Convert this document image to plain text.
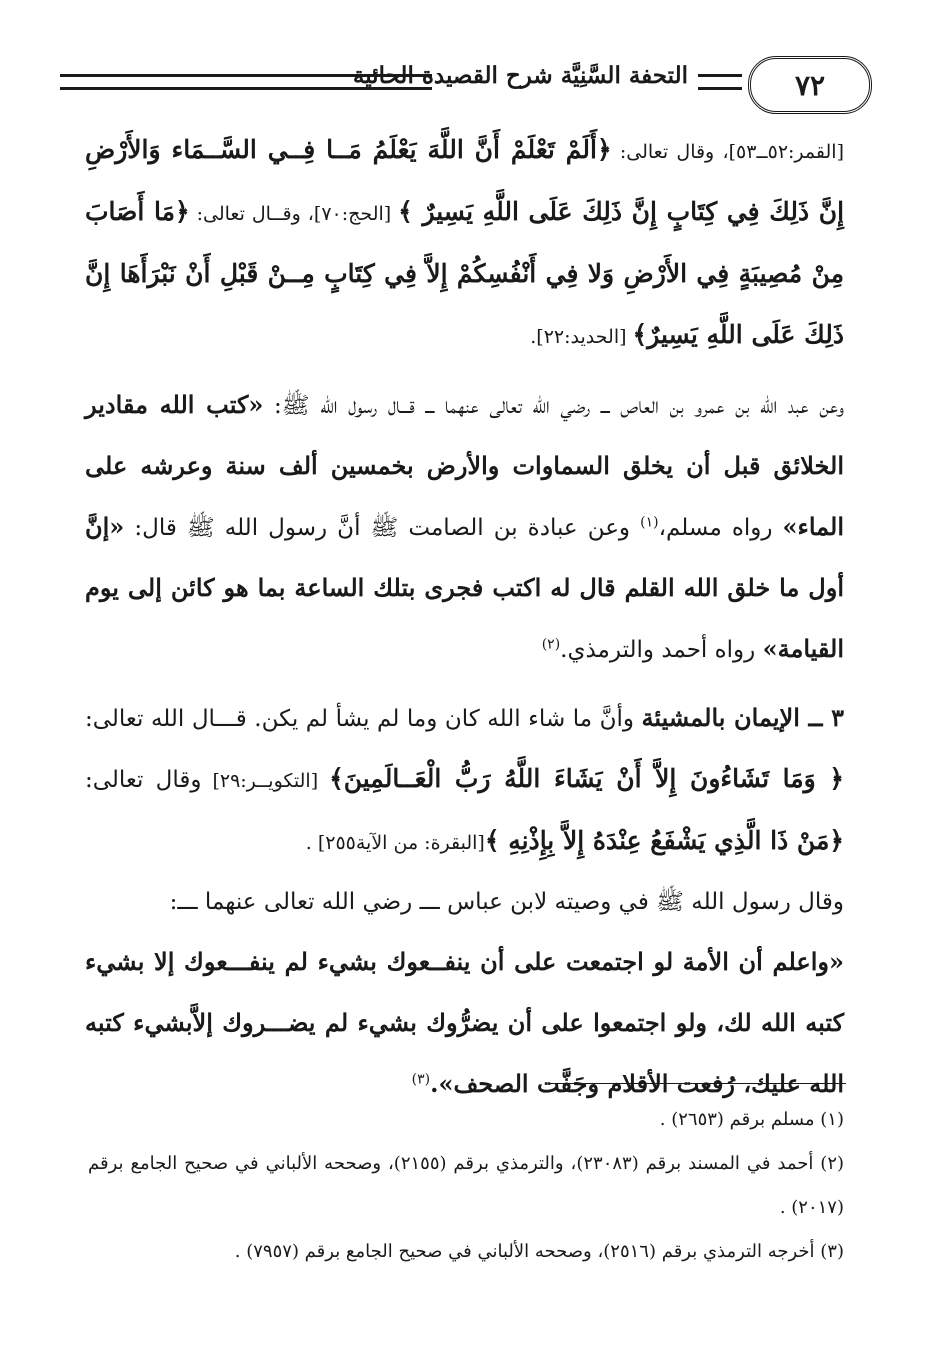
٧٢
التحفة السَّنِيَّة شرح القصيدة الحائية

[القمر:٥٢ــ٥٣]، وقال تعالى: ﴿أَلَمْ تَعْلَمْ أَنَّ اللَّهَ يَعْلَمُ مَــا فِــي السَّــمَاء وَالأَرْضِ إِنَّ ذَلِكَ فِي كِتَابٍ إِنَّ ذَلِكَ عَلَى اللَّهِ يَسِيرٌ ﴾ [الحج:٧٠]، وقــال تعالى: ﴿مَا أَصَابَ مِنْ مُصِيبَةٍ فِي الأَرْضِ وَلا فِي أَنْفُسِكُمْ إِلاَّ فِي كِتَابٍ مِــنْ قَبْلِ أَنْ نَبْرَأَهَا إِنَّ ذَلِكَ عَلَى اللَّهِ يَسِيرٌ﴾ [الحديد:٢٢].

وعن عبد الله بن عمرو بن العاص ـــ رضي الله تعالى عنهما ـــ قـــال رسول الله ﷺ: «كتب الله مقادير الخلائق قبل أن يخلق السماوات والأرض بخمسين ألف سنة وعرشه على الماء» رواه مسلم،$^{(١)}$ وعن عبادة بن الصامت ﷺ أنَّ رسول الله ﷺ قال: «إنَّ أول ما خلق الله القلم قال له اكتب فجرى بتلك الساعة بما هو كائن إلى يوم القيامة» رواه أحمد والترمذي.$^{(٢)}$

٣ ــ الإيمان بالمشيئة وأنَّ ما شاء الله كان وما لم يشأ لم يكن. قـــال الله تعالى: ﴿ وَمَا تَشَاءُونَ إِلاَّ أَنْ يَشَاءَ اللَّهُ رَبُّ الْعَــالَمِينَ﴾ [التكويــر:٢٩] وقال تعالى: ﴿مَنْ ذَا الَّذِي يَشْفَعُ عِنْدَهُ إِلاَّ بِإِذْنِهِ ﴾[البقرة: من الآية٢٥٥] .

وقال رسول الله ﷺ في وصيته لابن عباس ـــ رضي الله تعالى عنهما ـــ:

«واعلم أن الأمة لو اجتمعت على أن ينفــعوك بشيء لم ينفـــعوك إلا بشيء كتبه الله لك، ولو اجتمعوا على أن يضرُّوك بشيء لم يضـــروك إلاَّبشيء كتبه الله عليك، رُفعت الأقلام وجَفَّت الصحف».$^{(٣)}$

(١) مسلم برقم (٢٦٥٣) .
(٢) أحمد في المسند برقم (٢٣٠٨٣)، والترمذي برقم (٢١٥٥)، وصححه الألباني في صحيح الجامع برقم (٢٠١٧) .
(٣) أخرجه الترمذي برقم (٢٥١٦)، وصححه الألباني في صحيح الجامع برقم (٧٩٥٧) .
